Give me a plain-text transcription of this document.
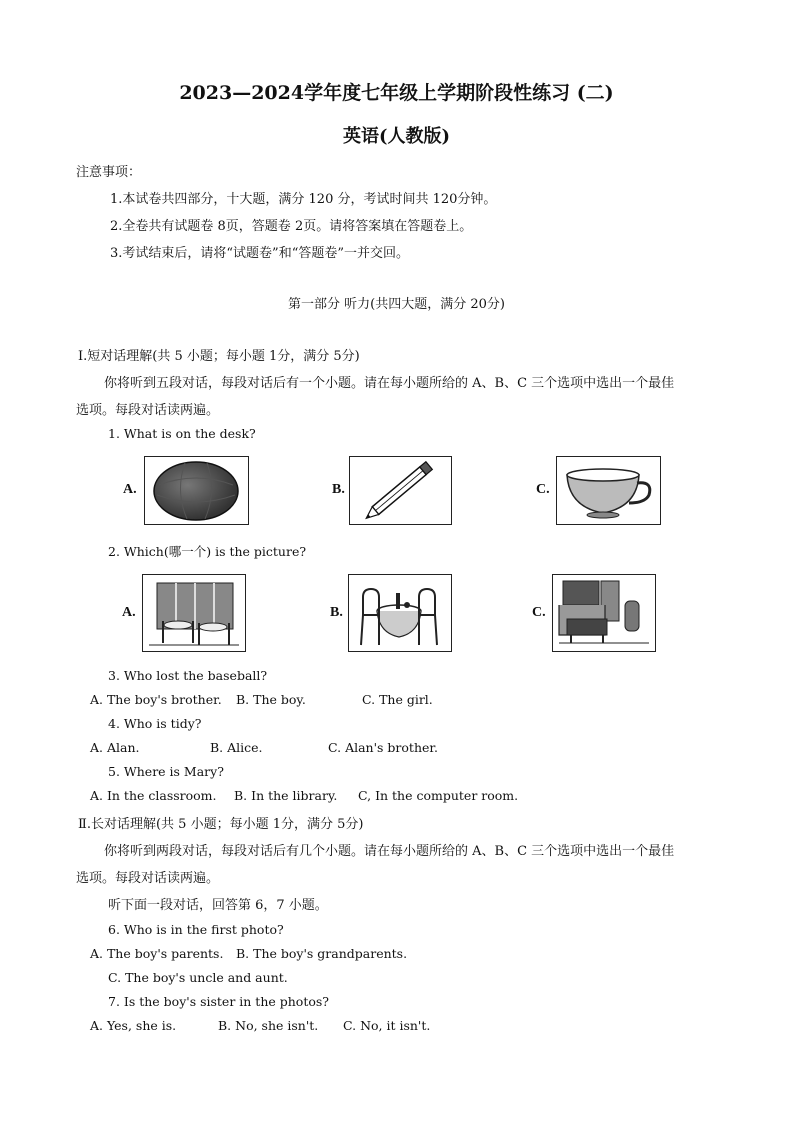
2023—2024学年度七年级上学期阶段性练习 (二)
英语(人教版)
注意事项：
1.本试卷共四部分，十大题，满分 120 分，考试时间共 120分钟。
2.全卷共有试题卷 8页，答题卷 2页。请将答案填在答题卷上。
3.考试结束后，请将“试题卷”和“答题卷”一并交回。
第一部分 听力(共四大题，满分 20分)
Ⅰ.短对话理解(共 5 小题；每小题 1分，满分 5分)
你将听到五段对话，每段对话后有一个小题。请在每小题所给的 A、B、C 三个选项中选出一个最佳
选项。每段对话读两遍。
1. What is on the desk?
A.	B.	C.
2. Which(哪一个) is the picture?
A.	B.	C.
3. Who lost the baseball?
A. The boy's brother. B. The boy.	C. The girl.
4. Who is tidy?
A. Alan.	B. Alice.	C. Alan's brother.
5. Where is Mary?
A. In the classroom. B. In the library. C, In the computer room.
Ⅱ.长对话理解(共 5 小题；每小题 1分，满分 5分)
你将听到两段对话，每段对话后有几个小题。请在每小题所给的 A、B、C 三个选项中选出一个最佳
选项。每段对话读两遍。
听下面一段对话，回答第 6，7 小题。
6. Who is in the first photo?
A. The boy's parents. B. The boy's grandparents.
C. The boy's uncle and aunt.
7. Is the boy's sister in the photos?
A. Yes, she is.	B. No, she isn't. C. No, it isn't.
